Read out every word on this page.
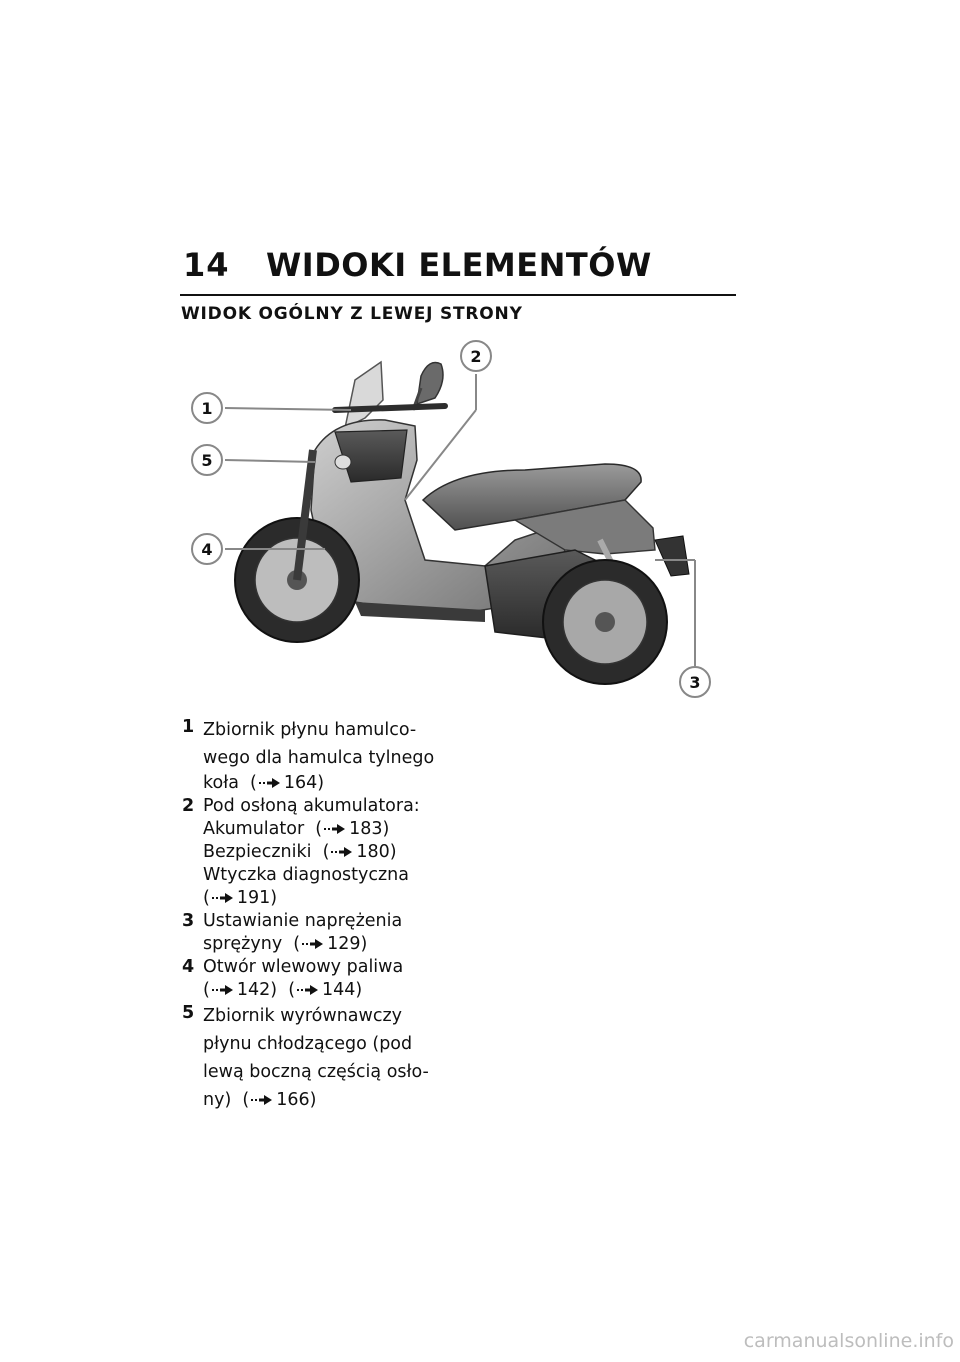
14 WIDOKI ELEMENTÓW
WIDOK OGÓLNY Z LEWEJ STRONY
1
2
3
4
5
1 Zbiornik płynu hamulco-
wego dla hamulca tylnego
koła  ( 164)
2 Pod osłoną akumulatora:
Akumulator  ( 183)
Bezpieczniki  ( 180)
Wtyczka diagnostyczna
( 191)
3 Ustawianie naprężenia
sprężyny  ( 129)
4 Otwór wlewowy paliwa
( 142)  ( 144)
5 Zbiornik wyrównawczy
płynu chłodzącego (pod
lewą boczną częścią osło-
ny)  ( 166)
carmanualsonline.info
